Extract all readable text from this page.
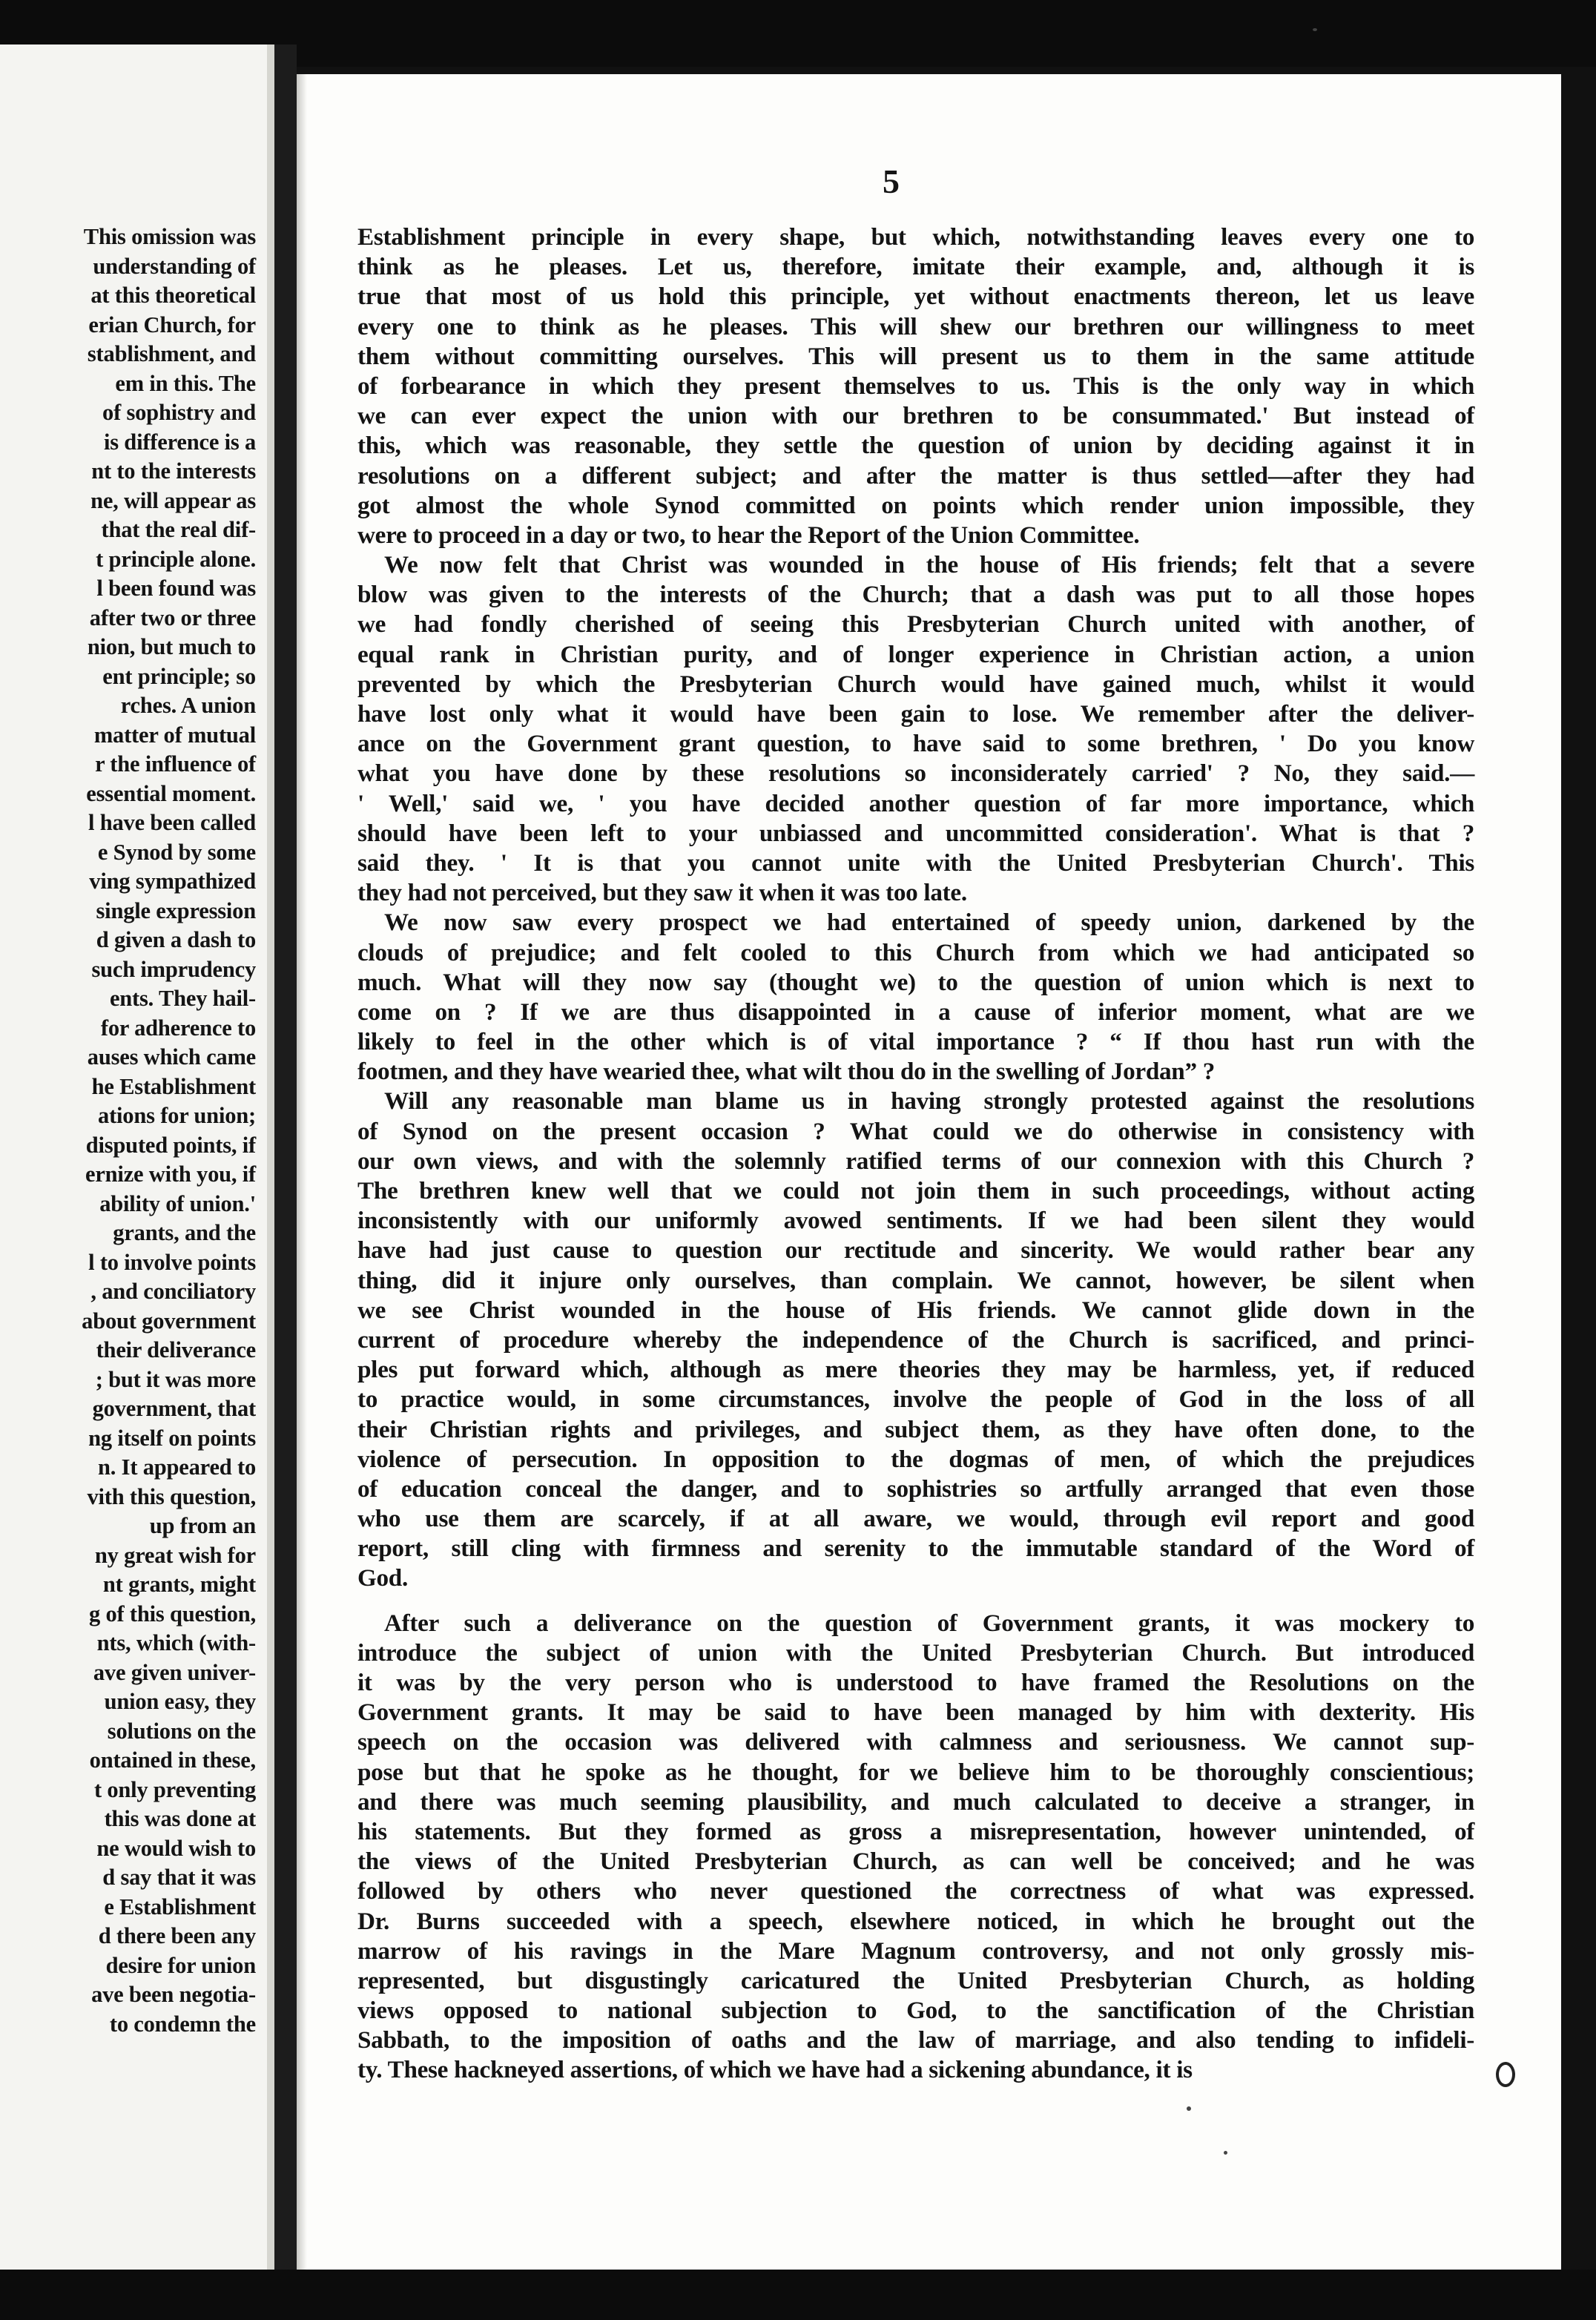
This omission was
understanding of
at this theoretical
erian Church, for
stablishment, and
em in this. The
of sophistry and
is difference is a
nt to the interests
ne, will appear as
that the real dif-
t principle alone.
l been found was
after two or three
nion, but much to
ent principle; so
rches. A union
matter of mutual
r the influence of
essential moment.
l have been called
e Synod by some
ving sympathized
single expression
d given a dash to
such imprudency
ents. They hail-
for adherence to
auses which came
he Establishment
ations for union;
disputed points, if
ernize with you, if
ability of union.'
grants, and the
l to involve points
, and conciliatory
about government
their deliverance
; but it was more
government, that
ng itself on points
n. It appeared to
vith this question,
up from an
ny great wish for
nt grants, might
g of this question,
nts, which (with-
ave given univer-
union easy, they
solutions on the
ontained in these,
t only preventing
this was done at
ne would wish to
d say that it was
e Establishment
d there been any
desire for union
ave been negotia-
to condemn the
5
Establishment principle in every shape, but which, notwithstanding leaves every one to
think as he pleases. Let us, therefore, imitate their example, and, although it is
true that most of us hold this principle, yet without enactments thereon, let us leave
every one to think as he pleases. This will shew our brethren our willingness to meet
them without committing ourselves. This will present us to them in the same attitude
of forbearance in which they present themselves to us. This is the only way in which
we can ever expect the union with our brethren to be consummated.' But instead of
this, which was reasonable, they settle the question of union by deciding against it in
resolutions on a different subject; and after the matter is thus settled—after they had
got almost the whole Synod committed on points which render union impossible, they
were to proceed in a day or two, to hear the Report of the Union Committee.
We now felt that Christ was wounded in the house of His friends; felt that a severe
blow was given to the interests of the Church; that a dash was put to all those hopes
we had fondly cherished of seeing this Presbyterian Church united with another, of
equal rank in Christian purity, and of longer experience in Christian action, a union
prevented by which the Presbyterian Church would have gained much, whilst it would
have lost only what it would have been gain to lose. We remember after the deliver-
ance on the Government grant question, to have said to some brethren, ' Do you know
what you have done by these resolutions so inconsiderately carried' ? No, they said.—
' Well,' said we, ' you have decided another question of far more importance, which
should have been left to your unbiassed and uncommitted consideration'. What is that ?
said they. ' It is that you cannot unite with the United Presbyterian Church'. This
they had not perceived, but they saw it when it was too late.
We now saw every prospect we had entertained of speedy union, darkened by the
clouds of prejudice; and felt cooled to this Church from which we had anticipated so
much. What will they now say (thought we) to the question of union which is next to
come on ? If we are thus disappointed in a cause of inferior moment, what are we
likely to feel in the other which is of vital importance ? “ If thou hast run with the
footmen, and they have wearied thee, what wilt thou do in the swelling of Jordan” ?
Will any reasonable man blame us in having strongly protested against the resolutions
of Synod on the present occasion ? What could we do otherwise in consistency with
our own views, and with the solemnly ratified terms of our connexion with this Church ?
The brethren knew well that we could not join them in such proceedings, without acting
inconsistently with our uniformly avowed sentiments. If we had been silent they would
have had just cause to question our rectitude and sincerity. We would rather bear any
thing, did it injure only ourselves, than complain. We cannot, however, be silent when
we see Christ wounded in the house of His friends. We cannot glide down in the
current of procedure whereby the independence of the Church is sacrificed, and princi-
ples put forward which, although as mere theories they may be harmless, yet, if reduced
to practice would, in some circumstances, involve the people of God in the loss of all
their Christian rights and privileges, and subject them, as they have often done, to the
violence of persecution. In opposition to the dogmas of men, of which the prejudices
of education conceal the danger, and to sophistries so artfully arranged that even those
who use them are scarcely, if at all aware, we would, through evil report and good
report, still cling with firmness and serenity to the immutable standard of the Word of
God.
After such a deliverance on the question of Government grants, it was mockery to
introduce the subject of union with the United Presbyterian Church. But introduced
it was by the very person who is understood to have framed the Resolutions on the
Government grants. It may be said to have been managed by him with dexterity. His
speech on the occasion was delivered with calmness and seriousness. We cannot sup-
pose but that he spoke as he thought, for we believe him to be thoroughly conscientious;
and there was much seeming plausibility, and much calculated to deceive a stranger, in
his statements. But they formed as gross a misrepresentation, however unintended, of
the views of the United Presbyterian Church, as can well be conceived; and he was
followed by others who never questioned the correctness of what was expressed.
Dr. Burns succeeded with a speech, elsewhere noticed, in which he brought out the
marrow of his ravings in the Mare Magnum controversy, and not only grossly mis-
represented, but disgustingly caricatured the United Presbyterian Church, as holding
views opposed to national subjection to God, to the sanctification of the Christian
Sabbath, to the imposition of oaths and the law of marriage, and also tending to infideli-
ty. These hackneyed assertions, of which we have had a sickening abundance, it is
